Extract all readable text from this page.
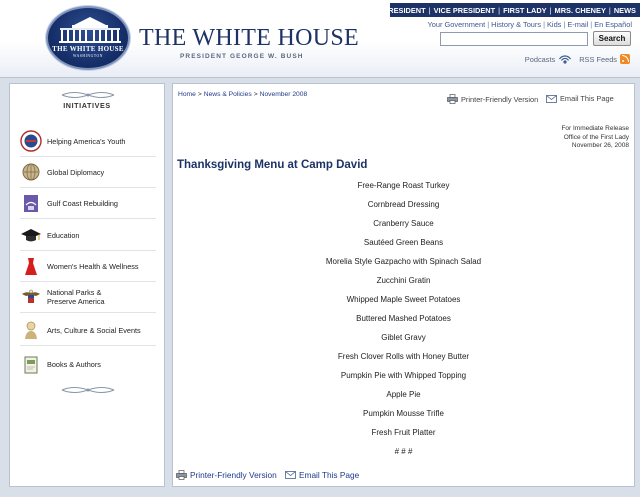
THE WHITE HOUSE
WASHINGTON
THE WHITE HOUSE
PRESIDENT GEORGE W. BUSH
PRESIDENT | VICE PRESIDENT | FIRST LADY | MRS. CHENEY | NEWS
Your Government | History & Tours | Kids | E-mail | En Español
Search
Podcasts	RSS Feeds
INITIATIVES
Helping America's Youth
Global Diplomacy
Gulf Coast Rebuilding
Education
Women's Health & Wellness
National Parks &
Preserve America
Arts, Culture & Social Events
Books & Authors
Home > News & Policies > November 2008	Printer-Friendly Version	Email This Page
For Immediate Release
Office of the First Lady
November 26, 2008
Thanksgiving Menu at Camp David
Free-Range Roast Turkey
Cornbread Dressing
Cranberry Sauce
Sautéed Green Beans
Morelia Style Gazpacho with Spinach Salad
Zucchini Gratin
Whipped Maple Sweet Potatoes
Buttered Mashed Potatoes
Giblet Gravy
Fresh Clover Rolls with Honey Butter
Pumpkin Pie with Whipped Topping
Apple Pie
Pumpkin Mousse Trifle
Fresh Fruit Platter
# # #
Printer-Friendly Version	Email This Page
